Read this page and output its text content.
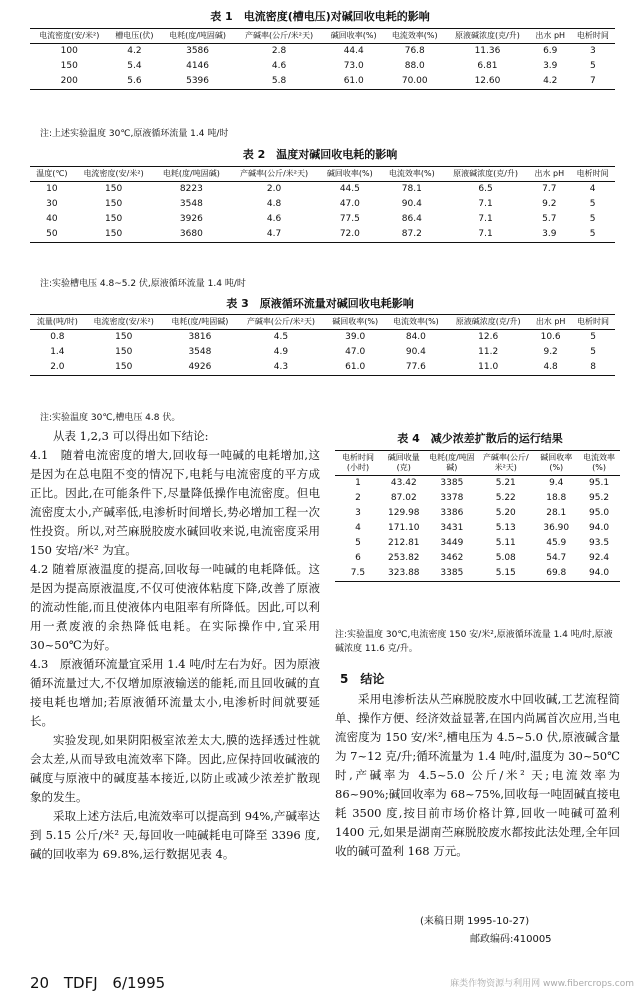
表 1　电流密度(槽电压)对碱回收电耗的影响
电流密度(安/米²)	槽电压(伏)	电耗(度/吨固碱)	产碱率(公斤/米²天)	碱回收率(%)	电流效率(%)	原液碱浓度(克/升)	出水 pH	电析时间
100	4.2	3586	2.8	44.4	76.8	11.36	6.9	3
150	5.4	4146	4.6	73.0	88.0	6.81	3.9	5
200	5.6	5396	5.8	61.0	70.00	12.60	4.2	7
注:上述实验温度 30℃,原液循环流量 1.4 吨/时
表 2　温度对碱回收电耗的影响
温度(℃)	电流密度(安/米²)	电耗(度/吨固碱)	产碱率(公斤/米²天)	碱回收率(%)	电流效率(%)	原液碱浓度(克/升)	出水 pH	电析时间
10	150	8223	2.0	44.5	78.1	6.5	7.7	4
30	150	3548	4.8	47.0	90.4	7.1	9.2	5
40	150	3926	4.6	77.5	86.4	7.1	5.7	5
50	150	3680	4.7	72.0	87.2	7.1	3.9	5
注:实验槽电压 4.8~5.2 伏,原液循环流量 1.4 吨/时
表 3　原液循环流量对碱回收电耗影响
流量(吨/时)	电流密度(安/米²)	电耗(度/吨固碱)	产碱率(公斤/米²天)	碱回收率(%)	电流效率(%)	原液碱浓度(克/升)	出水 pH	电析时间
0.8	150	3816	4.5	39.0	84.0	12.6	10.6	5
1.4	150	3548	4.9	47.0	90.4	11.2	9.2	5
2.0	150	4926	4.3	61.0	77.6	11.0	4.8	8
注:实验温度 30℃,槽电压 4.8 伏。

从表 1,2,3 可以得出如下结论:

4.1　随着电流密度的增大,回收每一吨碱的电耗增加,这是因为在总电阻不变的情况下,电耗与电流密度的平方成正比。因此,在可能条件下,尽量降低操作电流密度。但电流密度太小,产碱率低,电渗析时间增长,势必增加工程一次性投资。所以,对苎麻脱胶废水碱回收来说,电流密度采用 150 安培/米² 为宜。

4.2 随着原液温度的提高,回收每一吨碱的电耗降低。这是因为提高原液温度,不仅可使液体粘度下降,改善了原液的流动性能,而且使液体内电阻率有所降低。因此,可以利用一煮废液的余热降低电耗。在实际操作中,宜采用 30~50℃为好。

4.3　原液循环流量宜采用 1.4 吨/时左右为好。因为原液循环流量过大,不仅增加原液输送的能耗,而且回收碱的直接电耗也增加;若原液循环流量太小,电渗析时间就要延长。

实验发现,如果阴阳极室浓差太大,膜的选择透过性就会太差,从而导致电流效率下降。因此,应保持回收碱液的碱度与原液中的碱度基本接近,以防止或减少浓差扩散现象的发生。

采取上述方法后,电流效率可以提高到 94%,产碱率达到 5.15 公斤/米² 天,每回收一吨碱耗电可降至 3396 度,碱的回收率为 69.8%,运行数据见表 4。

表 4　减少浓差扩散后的运行结果
电析时间(小时)	碱回收量(克)	电耗(度/吨固碱)	产碱率(公斤/米²天)	碱回收率(%)	电流效率(%)
1	43.42	3385	5.21	9.4	95.1
2	87.02	3378	5.22	18.8	95.2
3	129.98	3386	5.20	28.1	95.0
4	171.10	3431	5.13	36.90	94.0
5	212.81	3449	5.11	45.9	93.5
6	253.82	3462	5.08	54.7	92.4
7.5	323.88	3385	5.15	69.8	94.0
注:实验温度 30℃,电流密度 150 安/米²,原液循环流量 1.4 吨/时,原液碱浓度 11.6 克/升。
5　结论

采用电渗析法从苎麻脱胶废水中回收碱,工艺流程简单、操作方便、经济效益显著,在国内尚属首次应用,当电流密度为 150 安/米²,槽电压为 4.5~5.0 伏,原液碱含量为 7~12 克/升;循环流量为 1.4 吨/时,温度为 30~50℃时,产碱率为 4.5~5.0 公斤/米² 天;电流效率为 86~90%;碱回收率为 68~75%,回收每一吨固碱直接电耗 3500 度,按目前市场价格计算,回收一吨碱可盈利 1400 元,如果是湖南苎麻脱胶废水都按此法处理,全年回收的碱可盈利 168 万元。

(来稿日期 1995-10-27)
邮政编码:410005
20 TDFJ 6/1995	麻类作物资源与利用网 www.fibercrops.com
